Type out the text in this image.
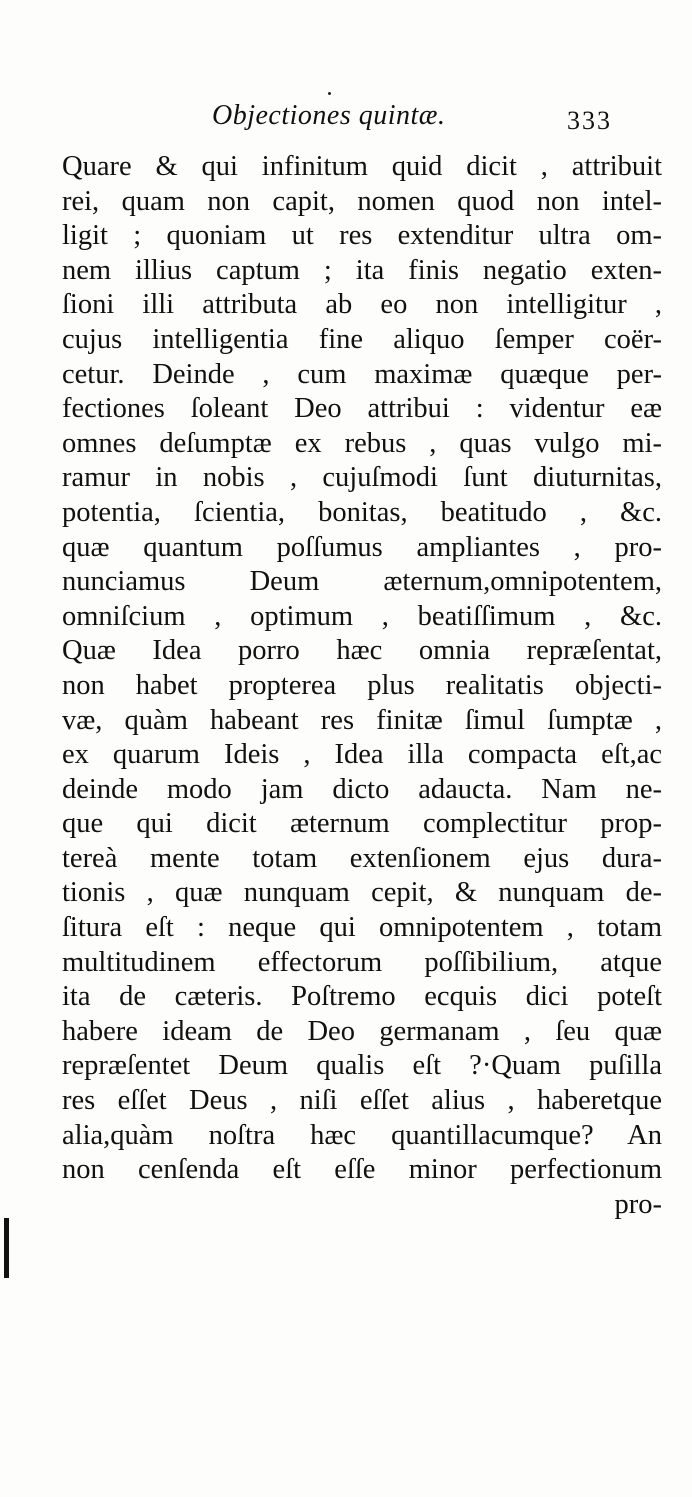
Objectiones quintæ.	333
Quare & qui infinitum quid dicit , attribuit
rei, quam non capit, nomen quod non intel-
ligit ; quoniam ut res extenditur ultra om-
nem illius captum ; ita finis negatio exten-
ſioni illi attributa ab eo non intelligitur ,
cujus intelligentia fine aliquo ſemper coër-
cetur. Deinde , cum maximæ quæque per-
fectiones ſoleant Deo attribui : videntur eæ
omnes deſumptæ ex rebus , quas vulgo mi-
ramur in nobis , cujuſmodi ſunt diuturnitas,
potentia, ſcientia, bonitas, beatitudo , &c.
quæ quantum poſſumus ampliantes , pro-
nunciamus Deum æternum,omnipotentem,
omniſcium , optimum , beatiſſimum , &c.
Quæ Idea porro hæc omnia repræſentat,
non habet propterea plus realitatis objecti-
væ, quàm habeant res finitæ ſimul ſumptæ ,
ex quarum Ideis , Idea illa compacta eſt,ac
deinde modo jam dicto adaucta. Nam ne-
que qui dicit æternum complectitur prop-
tereà mente totam extenſionem ejus dura-
tionis , quæ nunquam cepit, & nunquam de-
ſitura eſt : neque qui omnipotentem , totam
multitudinem effectorum poſſibilium, atque
ita de cæteris. Poſtremo ecquis dici poteſt
habere ideam de Deo germanam , ſeu quæ
repræſentet Deum qualis eſt ?·Quam puſilla
res eſſet Deus , niſi eſſet alius , haberetque
alia,quàm noſtra hæc quantillacumque? An
non cenſenda eſt eſſe minor perfectionum
pro-
